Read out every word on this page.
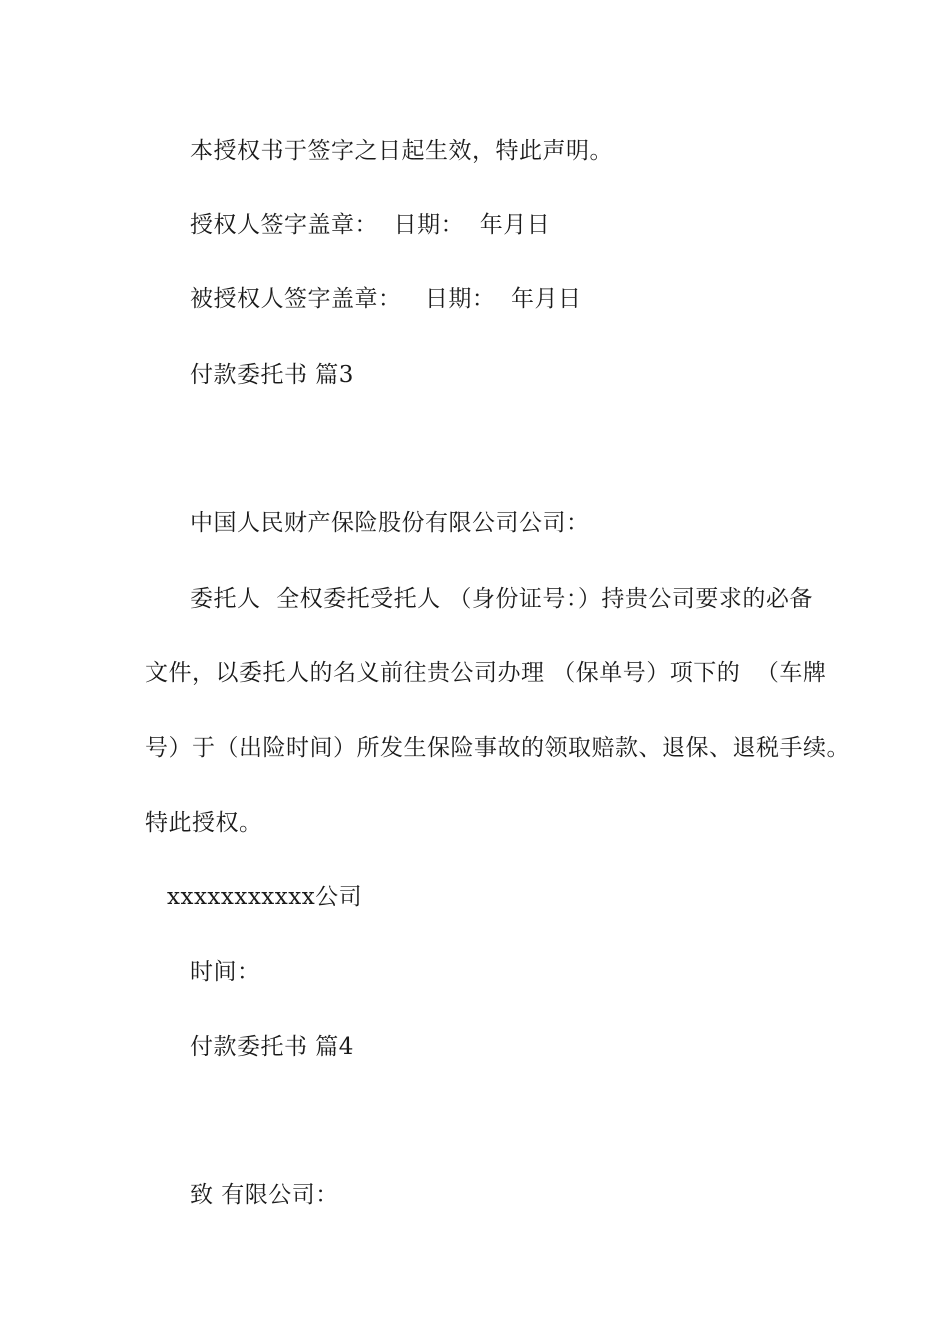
本授权书于签字之日起生效，特此声明。
授权人签字盖章：  日期：  年月日
被授权人签字盖章：   日期：  年月日
付款委托书 篇3
中国人民财产保险股份有限公司公司：
委托人  全权委托受托人 （身份证号：）持贵公司要求的必备
文件，以委托人的名义前往贵公司办理 （保单号）项下的  （车牌
号）于（出险时间）所发生保险事故的领取赔款、退保、退税手续。
特此授权。
xxxxxxxxxxx公司
时间：
付款委托书 篇4
致 有限公司：
